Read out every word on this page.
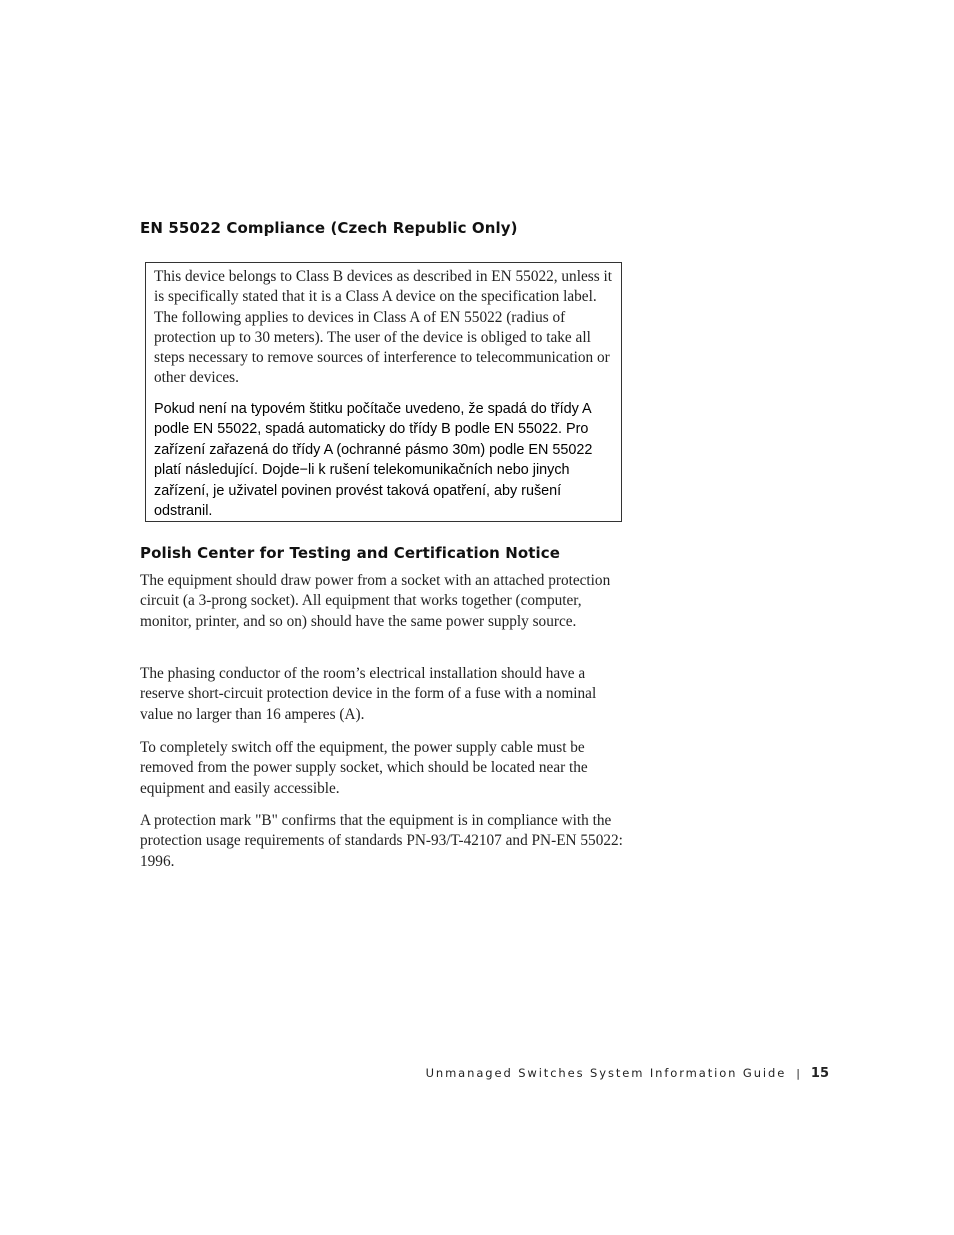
EN 55022 Compliance (Czech Republic Only)

This device belongs to Class B devices as described in EN 55022, unless it is specifically stated that it is a Class A device on the specification label. The following applies to devices in Class A of EN 55022 (radius of protection up to 30 meters). The user of the device is obliged to take all steps necessary to remove sources of interference to telecommunication or other devices.

Pokud není na typovém štitku počítače uvedeno, že spadá do třídy A podle EN 55022, spadá automaticky do třídy B podle EN 55022. Pro zařízení zařazená do třídy A (ochranné pásmo 30m) podle EN 55022 platí následující. Dojde−li k rušení telekomunikačních nebo jinych zařízení, je uživatel povinen provést taková opatření, aby rušení odstranil.

Polish Center for Testing and Certification Notice

The equipment should draw power from a socket with an attached protection circuit (a 3-prong socket). All equipment that works together (computer, monitor, printer, and so on) should have the same power supply source.

The phasing conductor of the room’s electrical installation should have a reserve short-circuit protection device in the form of a fuse with a nominal value no larger than 16 amperes (A).

To completely switch off the equipment, the power supply cable must be removed from the power supply socket, which should be located near the equipment and easily accessible.

A protection mark "B" confirms that the equipment is in compliance with the protection usage requirements of standards PN-93/T-42107 and PN-EN 55022: 1996.

Unmanaged Switches System Information Guide | 15
